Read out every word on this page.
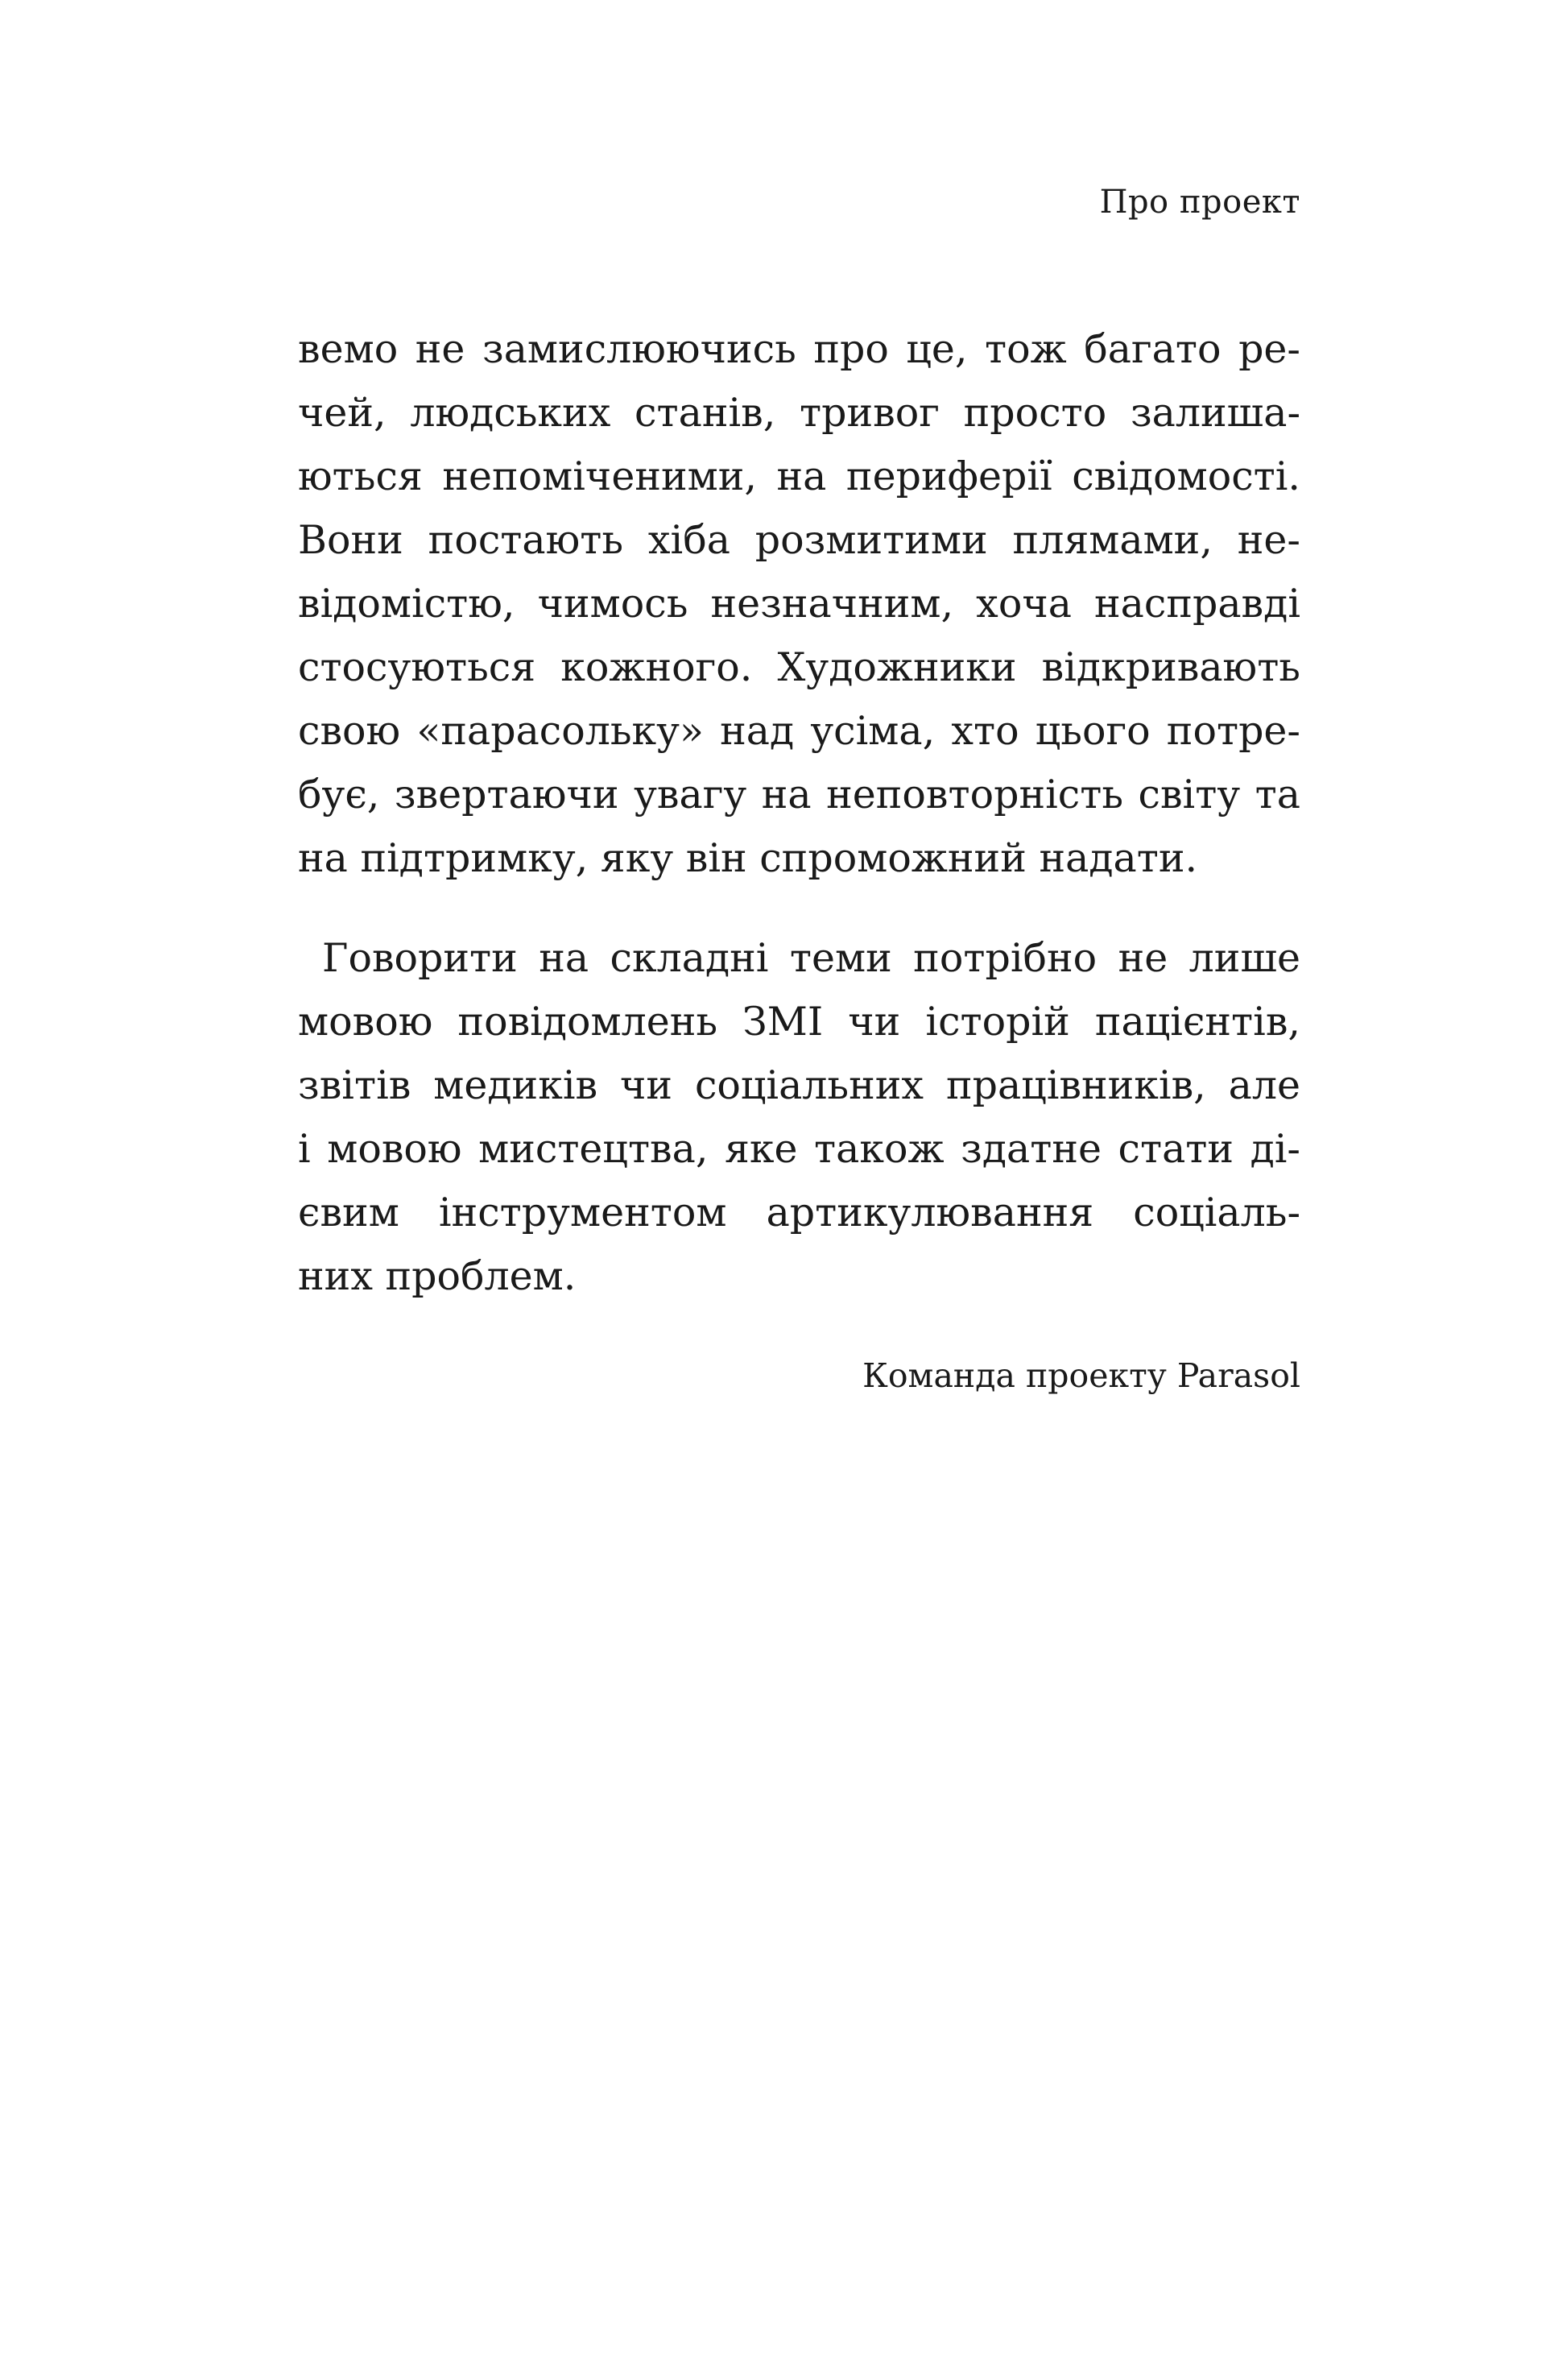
Про проект
вемо не замислюючись про це, тож багато ре-
чей, людських станів, тривог просто залиша-
ються непоміченими, на периферії свідомості.
Вони постають хіба розмитими плямами, не-
відомістю, чимось незначним, хоча насправді
стосуються кожного. Художники відкривають
свою «парасольку» над усіма, хто цього потре-
бує, звертаючи увагу на неповторність світу та
на підтримку, яку він спроможний надати.
Говорити на складні теми потрібно не лише
мовою повідомлень ЗМІ чи історій пацієнтів,
звітів медиків чи соціальних працівників, але
і мовою мистецтва, яке також здатне стати ді-
євим інструментом артикулювання соціаль-
них проблем.
Команда проекту Parasol
